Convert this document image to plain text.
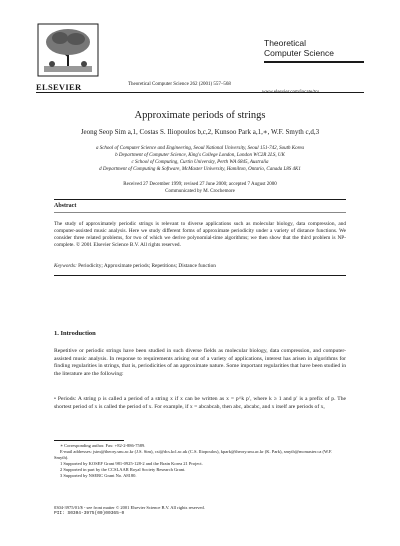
ELSEVIER	Theoretical Computer Science 262 (2001) 557–568
Theoretical
Computer Science
Approximate periods of strings
Jeong Seop Sim a,1, Costas S. Iliopoulos b,c,2, Kunsoo Park a,1,∗, W.F. Smyth c,d,3
a School of Computer Science and Engineering, Seoul National University, Seoul 151-742, South Korea
b Department of Computer Science, King's College London, London WC2R 2LS, UK
c School of Computing, Curtin University, Perth WA 6845, Australia
d Department of Computing & Software, McMaster University, Hamilton, Ontario, Canada L8S 4K1
Received 27 December 1999; revised 27 June 2000; accepted 7 August 2000
Communicated by M. Crochemore
Abstract
The study of approximately periodic strings is relevant to diverse applications such as molecular biology, data compression, and computer-assisted music analysis. Here we study different forms of approximate periodicity under a variety of distance functions. We consider three related problems, for two of which we derive polynomial-time algorithms; we then show that the third problem is NP-complete. © 2001 Elsevier Science B.V. All rights reserved.
Keywords: Periodicity; Approximate periods; Repetitions; Distance function
1. Introduction
Repetitive or periodic strings have been studied in such diverse fields as molecular biology, data compression, and computer-assisted music analysis. In response to requirements arising out of a variety of applications, interest has arisen in algorithms for finding regularities in strings, that is, periodicities of an approximate nature. Some important regularities that have been studied in the literature are the following:
• Periods: A string p is called a period of a string x if x can be written as x = p^k p′, where k ≥ 1 and p′ is a prefix of p. The shortest period of x is called the period of x. For example, if x = abcabcab, then abc, abcabc, and x itself are periods of x,
∗ Corresponding author. Fax: +82-2-886-7589.
E-mail addresses: jsim@theory.snu.ac.kr (J.S. Sim), csi@dcs.kcl.ac.uk (C.S. Iliopoulos), kpark@theory.snu.ac.kr (K. Park), smyth@mcmaster.ca (W.F. Smyth).
1 Supported by KOSEF Grant 981-0925-128-2 and the Brain Korea 21 Project.
2 Supported in part by the CCSLAAR Royal Society Research Grant.
3 Supported by NSERC Grant No. A8180.
0304-3975/01/$ - see front matter © 2001 Elsevier Science B.V. All rights reserved.
PII: S0304-3975(00)00365-0
